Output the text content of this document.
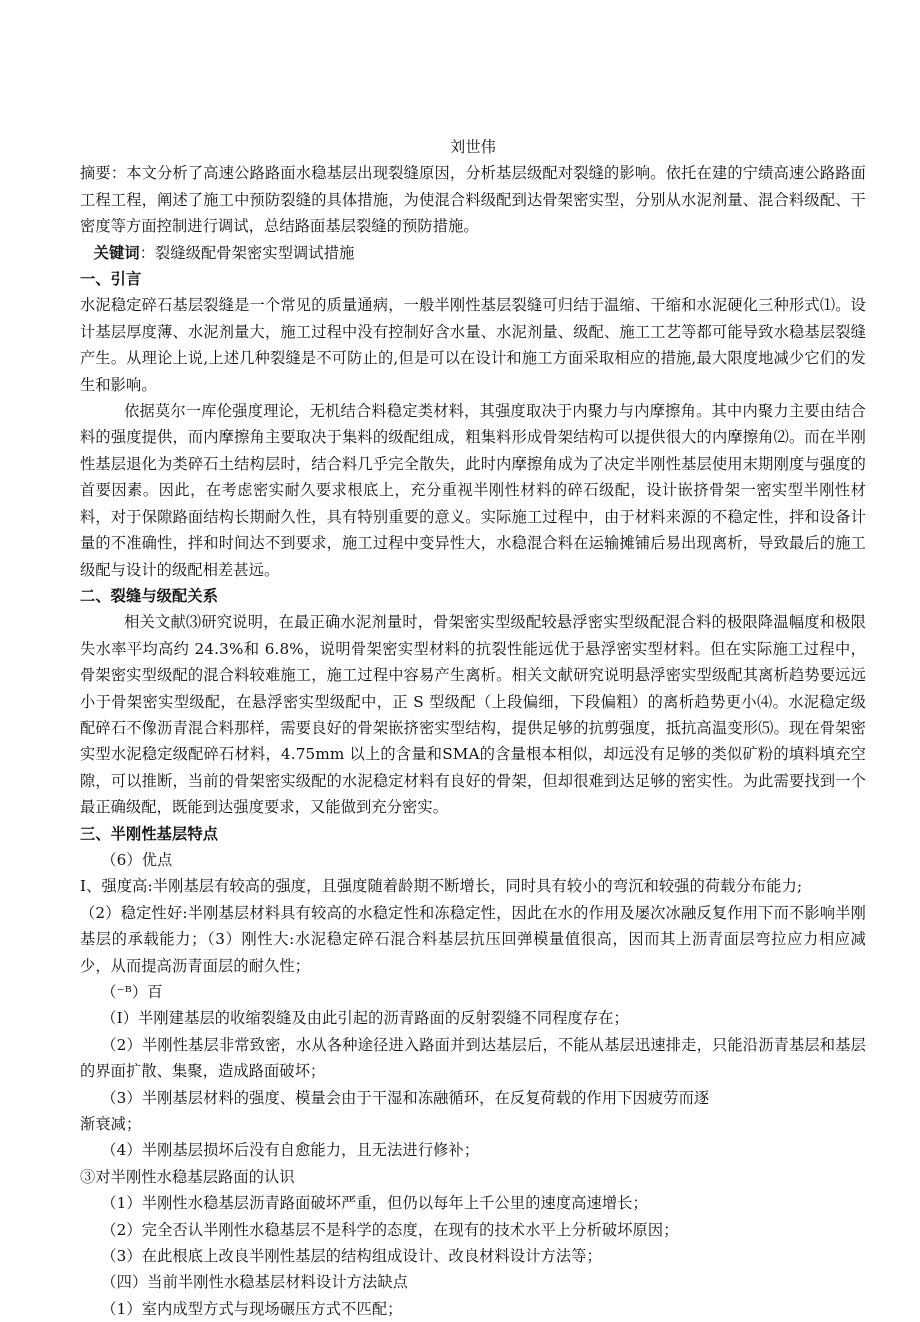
刘世伟

摘要：本文分析了高速公路路面水稳基层出现裂缝原因，分析基层级配对裂缝的影响。依托在建的宁绩高速公路路面工程工程，阐述了施工中预防裂缝的具体措施，为使混合料级配到达骨架密实型，分别从水泥剂量、混合料级配、干密度等方面控制进行调试，总结路面基层裂缝的预防措施。

关键词：裂缝级配骨架密实型调试措施

一、引言

水泥稳定碎石基层裂缝是一个常见的质量通病，一般半刚性基层裂缝可归结于温缩、干缩和水泥硬化三种形式⑴。设计基层厚度薄、水泥剂量大，施工过程中没有控制好含水量、水泥剂量、级配、施工工艺等都可能导致水稳基层裂缝产生。从理论上说,上述几种裂缝是不可防止的,但是可以在设计和施工方面采取相应的措施,最大限度地减少它们的发生和影响。

依据莫尔一库伦强度理论，无机结合料稳定类材料，其强度取决于内聚力与内摩擦角。其中内聚力主要由结合料的强度提供，而内摩擦角主要取决于集料的级配组成，粗集料形成骨架结构可以提供很大的内摩擦角⑵。而在半刚性基层退化为类碎石土结构层时，结合料几乎完全散失，此时内摩擦角成为了决定半刚性基层使用末期刚度与强度的首要因素。因此，在考虑密实耐久要求根底上，充分重视半刚性材料的碎石级配，设计嵌挤骨架一密实型半刚性材料，对于保隙路面结构长期耐久性，具有特别重要的意义。实际施工过程中，由于材料来源的不稳定性，拌和设备计量的不准确性，拌和时间达不到要求，施工过程中变异性大，水稳混合料在运输摊铺后易出现离析，导致最后的施工级配与设计的级配相差甚远。

二、裂缝与级配关系

相关文献⑶研究说明，在最正确水泥剂量时，骨架密实型级配较悬浮密实型级配混合料的极限降温幅度和极限失水率平均高约 24.3%和 6.8%，说明骨架密实型材料的抗裂性能远优于悬浮密实型材料。但在实际施工过程中，骨架密实型级配的混合料较难施工，施工过程中容易产生离析。相关文献研究说明悬浮密实型级配其离析趋势要远远小于骨架密实型级配，在悬浮密实型级配中，正 S 型级配（上段偏细，下段偏粗）的离析趋势更小⑷。水泥稳定级配碎石不像沥青混合料那样，需要良好的骨架嵌挤密实型结构，提供足够的抗剪强度，抵抗高温变形⑸。现在骨架密实型水泥稳定级配碎石材料，4.75mm 以上的含量和SMA的含量根本相似，却远没有足够的类似矿粉的填料填充空隙，可以推断，当前的骨架密实级配的水泥稳定材料有良好的骨架，但却很难到达足够的密实性。为此需要找到一个最正确级配，既能到达强度要求，又能做到充分密实。

三、半刚性基层特点

（6）优点

I、强度高:半刚基层有较高的强度，且强度随着龄期不断增长，同时具有较小的弯沉和较强的荷载分布能力;

（2）稳定性好:半刚基层材料具有较高的水稳定性和冻稳定性，因此在水的作用及屡次冰融反复作用下而不影响半刚基层的承载能力；（3）刚性大:水泥稳定碎石混合料基层抗压回弹模量值很高，因而其上沥青面层弯拉应力相应减少，从而提高沥青面层的耐久性；

（⁻ᴮ）百

（I）半刚建基层的收缩裂缝及由此引起的沥青路面的反射裂缝不同程度存在；

（2）半刚性基层非常致密，水从各种途径进入路面并到达基层后，不能从基层迅速排走，只能沿沥青基层和基层的界面扩散、集聚，造成路面破坏；

（3）半刚基层材料的强度、模量会由于干湿和冻融循环，在反复荷载的作用下因疲劳而逐

渐衰减；

（4）半刚基层损坏后没有自愈能力，且无法进行修补；

③对半刚性水稳基层路面的认识

（1）半刚性水稳基层沥青路面破坏严重，但仍以每年上千公里的速度高速增长；

（2）完全否认半刚性水稳基层不是科学的态度，在现有的技术水平上分析破坏原因；

（3）在此根底上改良半刚性基层的结构组成设计、改良材料设计方法等；

（四）当前半刚性水稳基层材料设计方法缺点

（1）室内成型方式与现场碾压方式不匹配；
